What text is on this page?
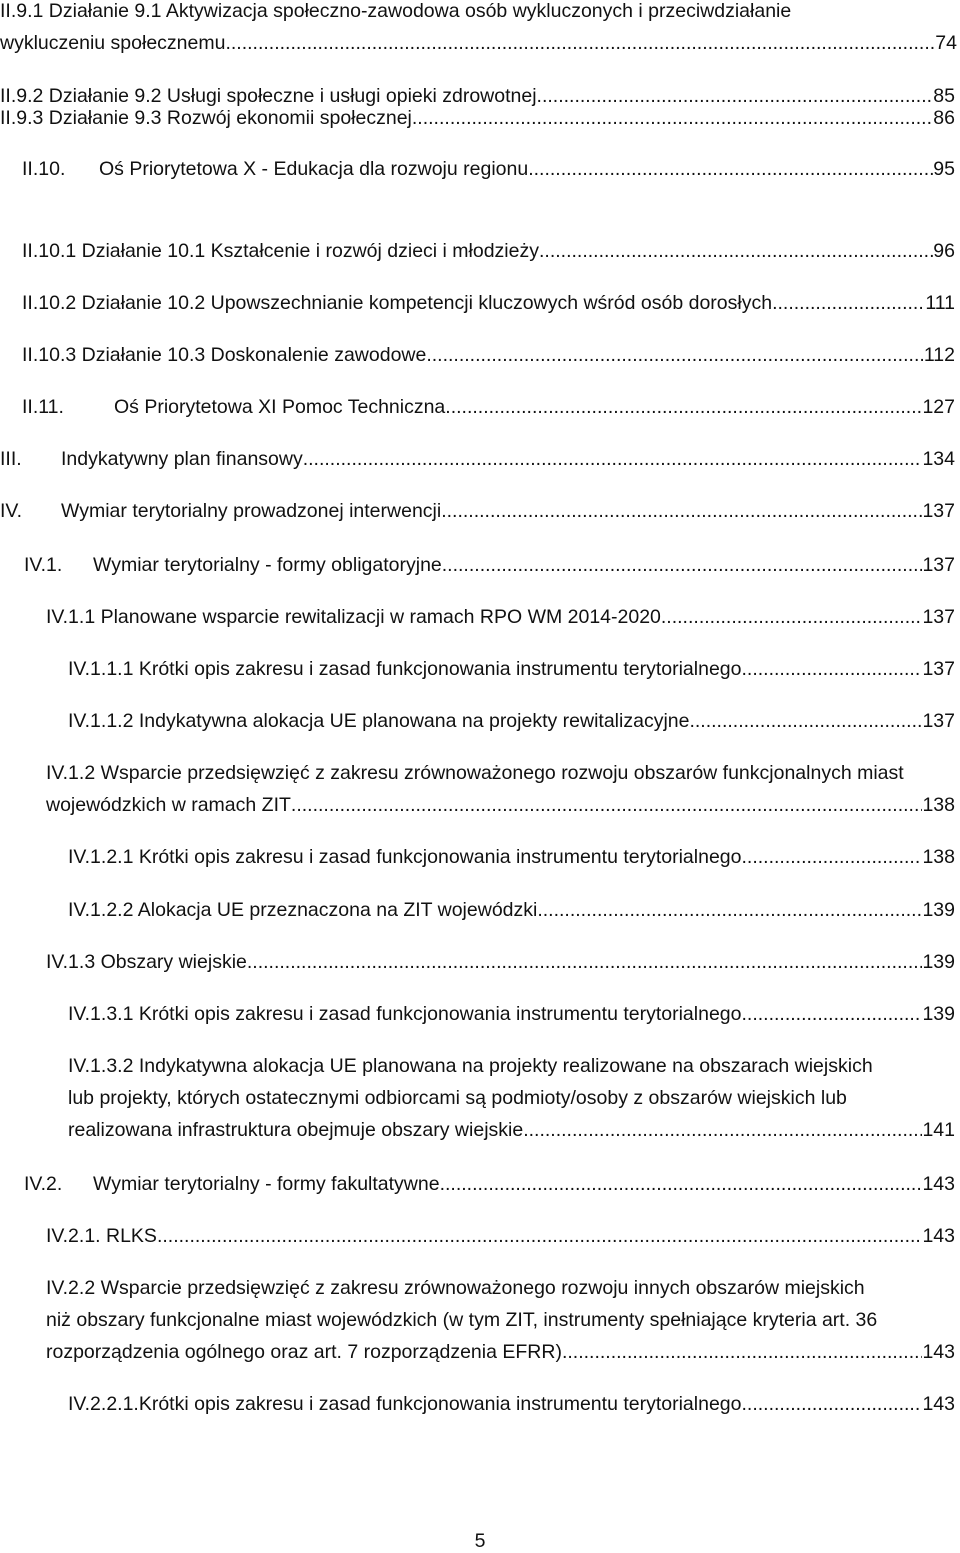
II.9.1 Działanie 9.1 Aktywizacja społeczno-zawodowa osób wykluczonych i przeciwdziałanie
wykluczeniu społecznemu .....	74
II.9.2 Działanie 9.2 Usługi społeczne i usługi opieki zdrowotnej .....	85
II.9.3 Działanie 9.3 Rozwój ekonomii społecznej .....	86
II.10.	Oś Priorytetowa X - Edukacja dla rozwoju regionu .....	95
II.10.1 Działanie 10.1 Kształcenie i rozwój dzieci i młodzieży .....	96
II.10.2 Działanie 10.2 Upowszechnianie kompetencji kluczowych wśród osób dorosłych .....	111
II.10.3 Działanie 10.3 Doskonalenie zawodowe .....	112
II.11.	Oś Priorytetowa XI Pomoc Techniczna .....	127
III.	Indykatywny plan finansowy .....	134
IV.	Wymiar terytorialny prowadzonej interwencji .....	137
IV.1.	Wymiar terytorialny - formy obligatoryjne .....	137
IV.1.1 Planowane wsparcie rewitalizacji w ramach RPO WM 2014-2020 .....	137
IV.1.1.1 Krótki opis zakresu i zasad funkcjonowania instrumentu terytorialnego .....	137
IV.1.1.2 Indykatywna alokacja UE planowana na projekty rewitalizacyjne .....	137
IV.1.2 Wsparcie przedsięwzięć z zakresu zrównoważonego rozwoju obszarów funkcjonalnych miast
wojewódzkich w ramach ZIT .....	138
IV.1.2.1 Krótki opis zakresu i zasad funkcjonowania instrumentu terytorialnego .....	138
IV.1.2.2 Alokacja UE przeznaczona na ZIT wojewódzki .....	139
IV.1.3 Obszary wiejskie .....	139
IV.1.3.1 Krótki opis zakresu i zasad funkcjonowania instrumentu terytorialnego .....	139
IV.1.3.2 Indykatywna alokacja UE planowana na projekty realizowane na obszarach wiejskich
lub projekty, których ostatecznymi odbiorcami są podmioty/osoby z obszarów wiejskich lub
realizowana infrastruktura obejmuje obszary wiejskie .....	141
IV.2.	Wymiar terytorialny - formy fakultatywne .....	143
IV.2.1. RLKS .....	143
IV.2.2 Wsparcie przedsięwzięć z zakresu zrównoważonego rozwoju innych obszarów miejskich
niż obszary funkcjonalne miast wojewódzkich (w tym ZIT, instrumenty spełniające kryteria art. 36
rozporządzenia ogólnego oraz art. 7 rozporządzenia EFRR) .....	143
IV.2.2.1.Krótki opis zakresu i zasad funkcjonowania instrumentu terytorialnego .....	143
5
